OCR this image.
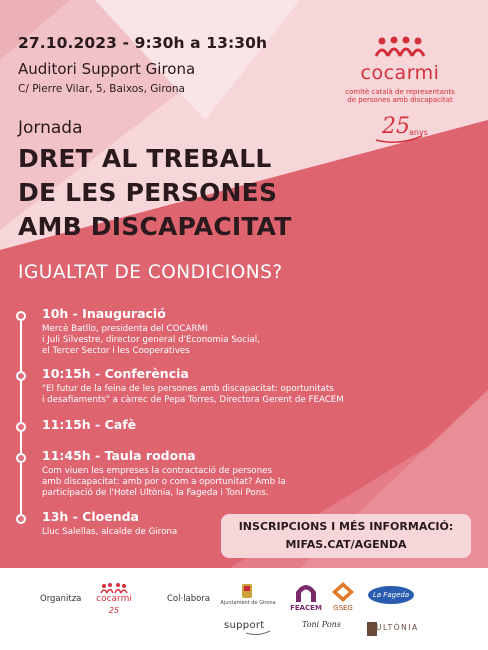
27.10.2023 - 9:30h a 13:30h
Auditori Support Girona
C/ Pierre Vilar, 5, Baixos, Girona
cocarmi
comitè català de representants
de persones amb discapacitat
25 anys
Jornada
DRET AL TREBALL
DE LES PERSONES
AMB DISCAPACITAT
IGUALTAT DE CONDICIONS?
10h - Inauguració
Mercè Batllo, presidenta del COCARMI
i Juli Silvestre, director general d'Economia Social,
el Tercer Sector i les Cooperatives
10:15h - Conferència
"El futur de la feina de les persones amb discapacitat: oportunitats
i desafiaments" a càrrec de Pepa Torres, Directora Gerent de FEACEM
11:15h - Cafè
11:45h - Taula rodona
Com viuen les empreses la contractació de persones
amb discapacitat: amb por o com a oportunitat? Amb la
participació de l'Hotel Ultònia, la Fageda i Toni Pons.
13h - Cloenda
Lluc Salellas, alcalde de Girona	INSCRIPCIONS I MÉS INFORMACIÓ:
MIFAS.CAT/AGENDA
Organitza	cocarmi
25
Col·labora	Ajuntament de Girona
FEACEM	GSEG
La Fageda
support	Toni Pons	ULTÒNIA
